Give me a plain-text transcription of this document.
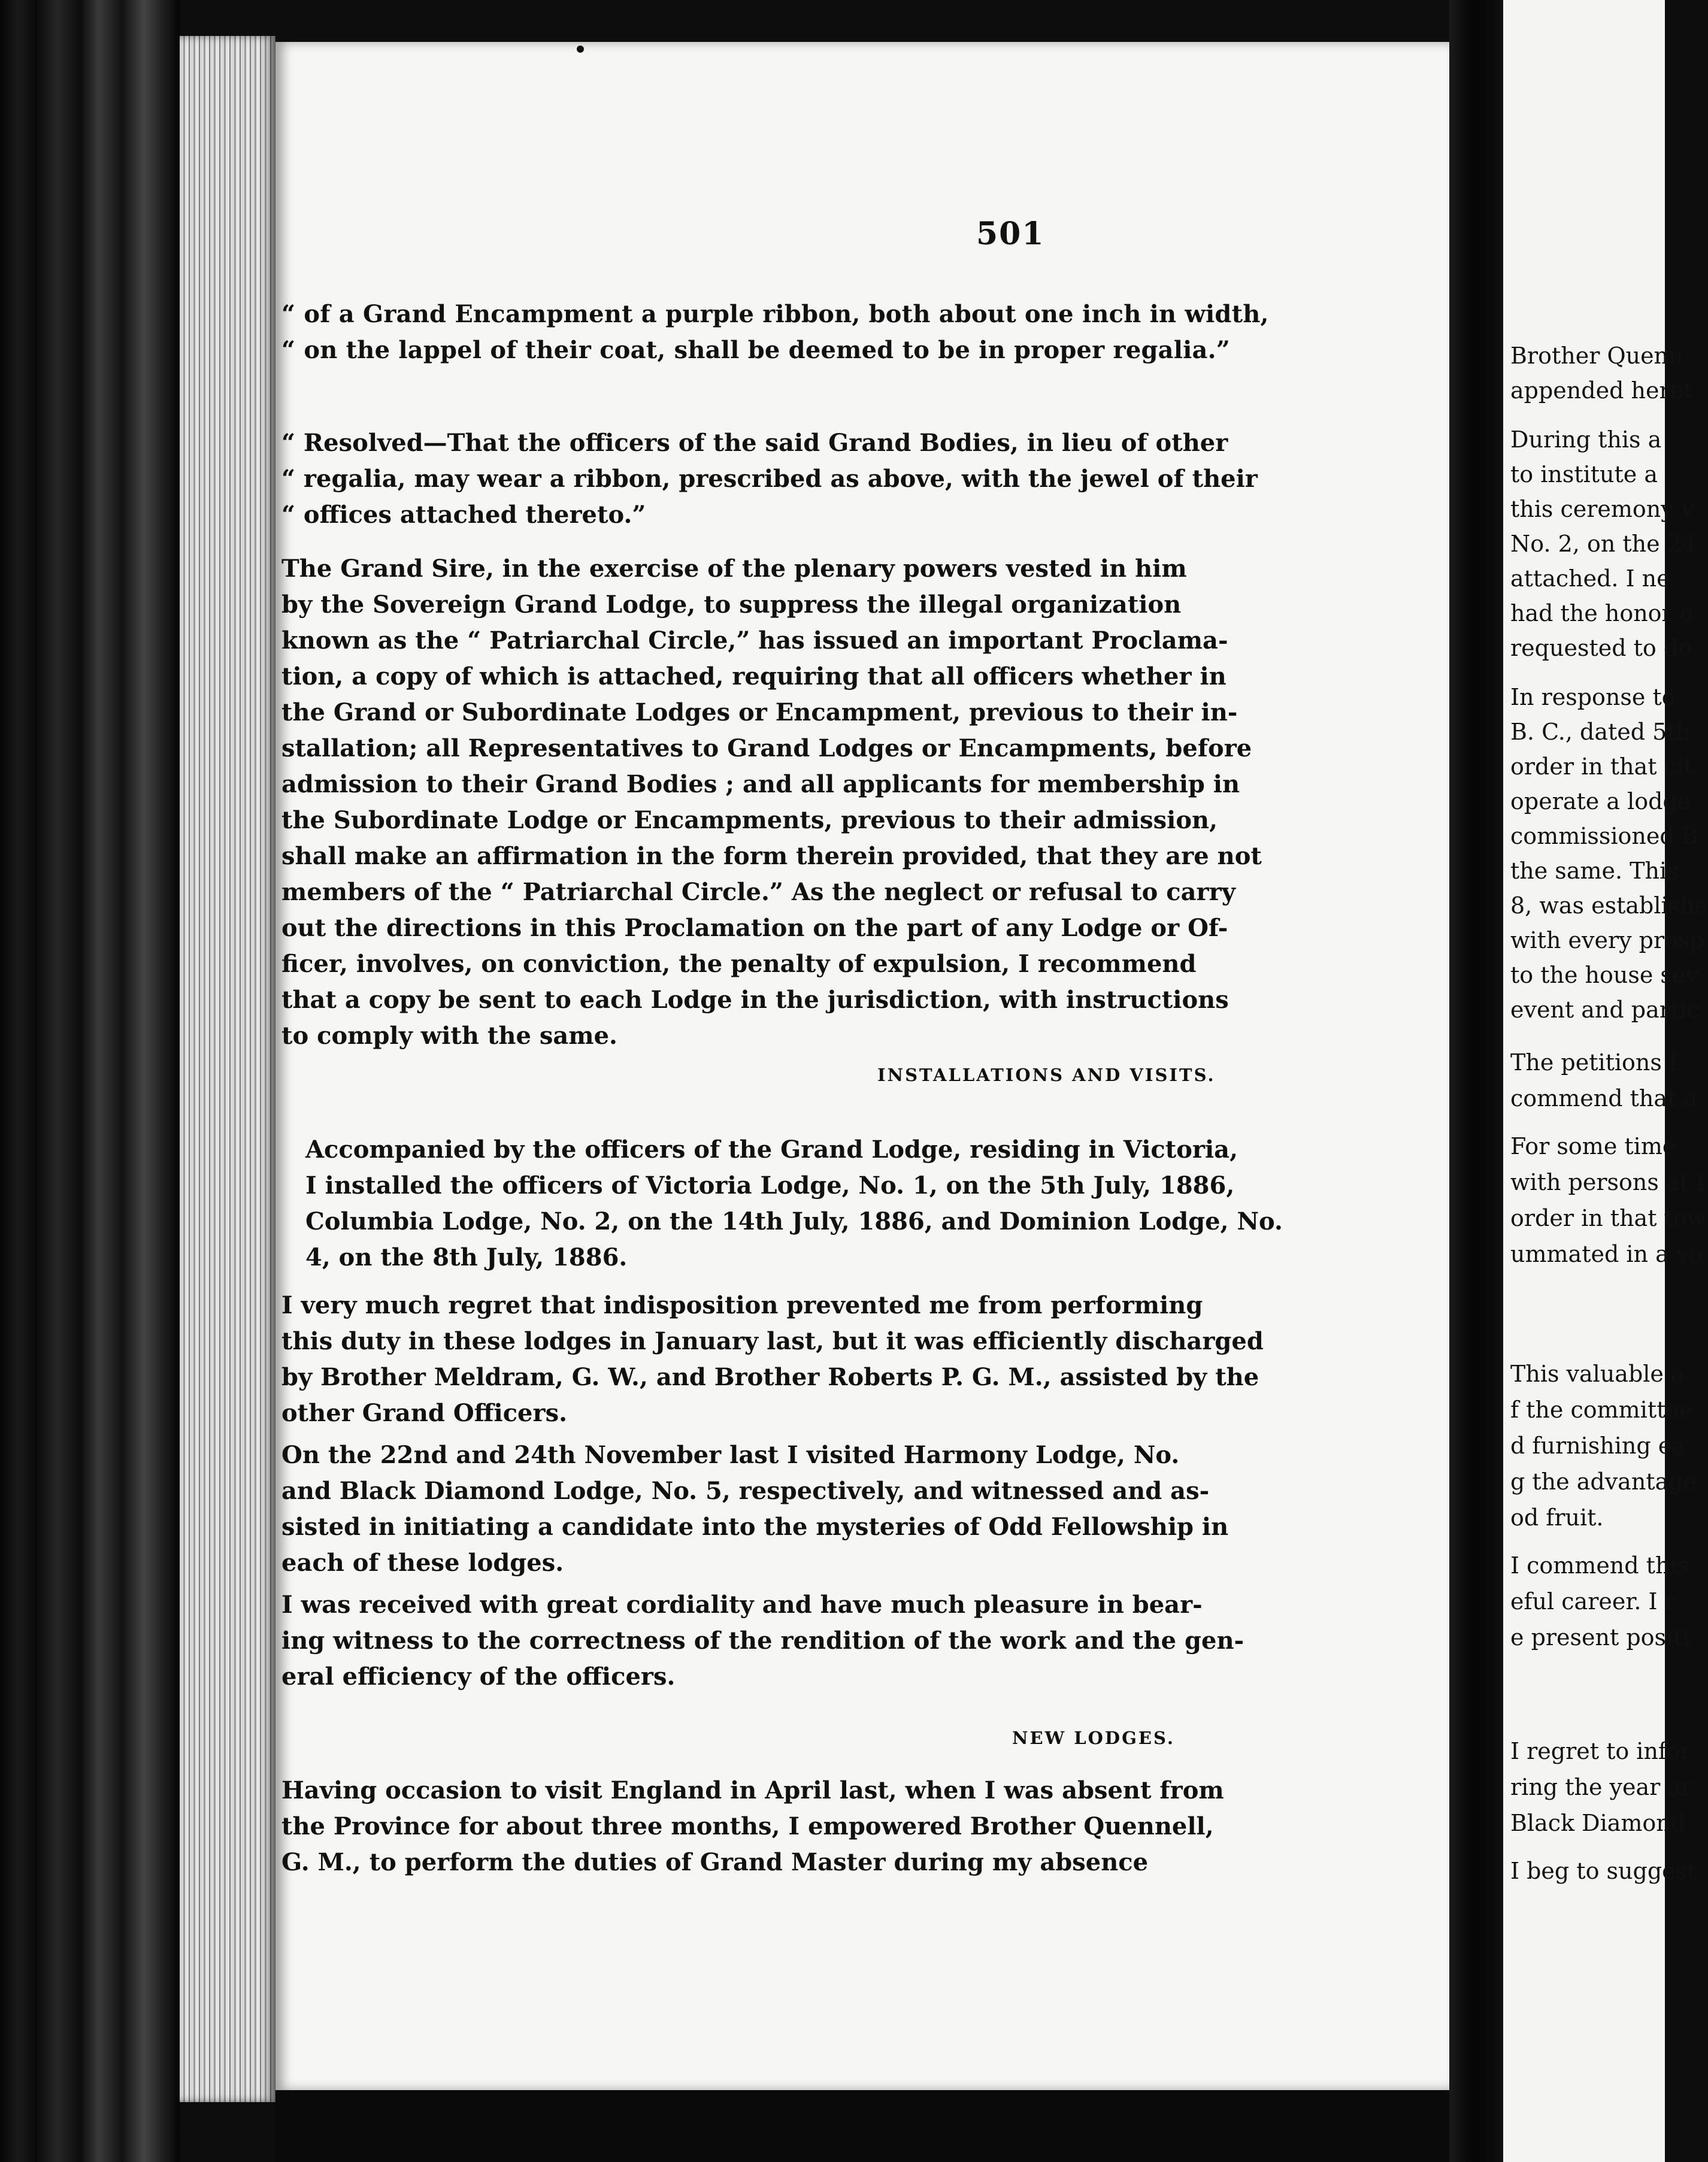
501

“ of a Grand Encampment a purple ribbon, both about one inch in width,
“ on the lappel of their coat, shall be deemed to be in proper regalia.”

“ Resolved—That the officers of the said Grand Bodies, in lieu of other
“ regalia, may wear a ribbon, prescribed as above, with the jewel of their
“ offices attached thereto.”

The Grand Sire, in the exercise of the plenary powers vested in him
by the Sovereign Grand Lodge, to suppress the illegal organization
known as the “ Patriarchal Circle,” has issued an important Proclama-
tion, a copy of which is attached, requiring that all officers whether in
the Grand or Subordinate Lodges or Encampment, previous to their in-
stallation; all Representatives to Grand Lodges or Encampments, before
admission to their Grand Bodies ; and all applicants for membership in
the Subordinate Lodge or Encampments, previous to their admission,
shall make an affirmation in the form therein provided, that they are not
members of the “ Patriarchal Circle.” As the neglect or refusal to carry
out the directions in this Proclamation on the part of any Lodge or Of-
ficer, involves, on conviction, the penalty of expulsion, I recommend
that a copy be sent to each Lodge in the jurisdiction, with instructions
to comply with the same.

INSTALLATIONS AND VISITS.

Accompanied by the officers of the Grand Lodge, residing in Victoria,
I installed the officers of Victoria Lodge, No. 1, on the 5th July, 1886,
Columbia Lodge, No. 2, on the 14th July, 1886, and Dominion Lodge, No.
4, on the 8th July, 1886.

I very much regret that indisposition prevented me from performing
this duty in these lodges in January last, but it was efficiently discharged
by Brother Meldram, G. W., and Brother Roberts P. G. M., assisted by the
other Grand Officers.

On the 22nd and 24th November last I visited Harmony Lodge, No.
and Black Diamond Lodge, No. 5, respectively, and witnessed and as-
sisted in initiating a candidate into the mysteries of Odd Fellowship in
each of these lodges.

I was received with great cordiality and have much pleasure in bear-
ing witness to the correctness of the rendition of the work and the gen-
eral efficiency of the officers.

NEW LODGES.

Having occasion to visit England in April last, when I was absent from
the Province for about three months, I empowered Brother Quennell,
G. M., to perform the duties of Grand Master during my absence

Brother Quenn
appended heret
During this a
to institute a
this ceremony v
No. 2, on the 24
attached. I ne
had the honor o
requested to do
In response to
B. C., dated 5th
order in that cit
operate a lodge
commissioned B
the same. This
8, was establishe
with every prosp
to the house sev
event and partic
The petitions f
commend that a
For some time
with persons at I
order in that tow
ummated in a vo
This valuable a
f the committee
d furnishing ea
g the advantage
od fruit.
I commend this
eful career. I r
e present positi
I regret to infor
ring the year ar
Black Diamond
I beg to suggest
